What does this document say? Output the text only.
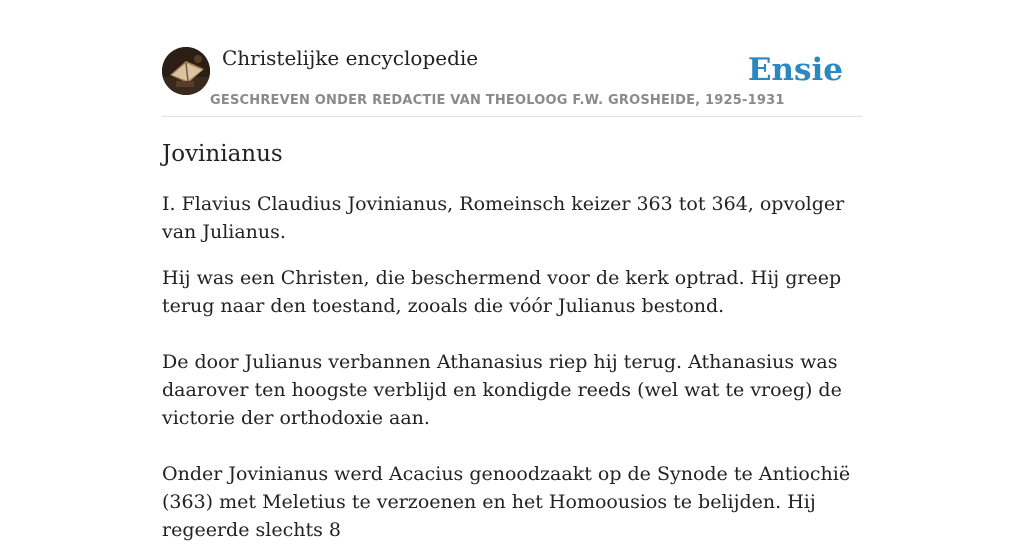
Christelijke encyclopedie
GESCHREVEN ONDER REDACTIE VAN THEOLOOG F.W. GROSHEIDE, 1925-1931
Ensie
Jovinianus

I. Flavius Claudius Jovinianus, Romeinsch keizer 363 tot 364, opvolger van Julianus.

Hij was een Christen, die beschermend voor de kerk optrad. Hij greep terug naar den toestand, zooals die vóór Julianus bestond.

De door Julianus verbannen Athanasius riep hij terug. Athanasius was daarover ten hoogste verblijd en kondigde reeds (wel wat te vroeg) de victorie der orthodoxie aan.

Onder Jovinianus werd Acacius genoodzaakt op de Synode te Antiochië (363) met Meletius te verzoenen en het Homoousios te belijden. Hij regeerde slechts 8
